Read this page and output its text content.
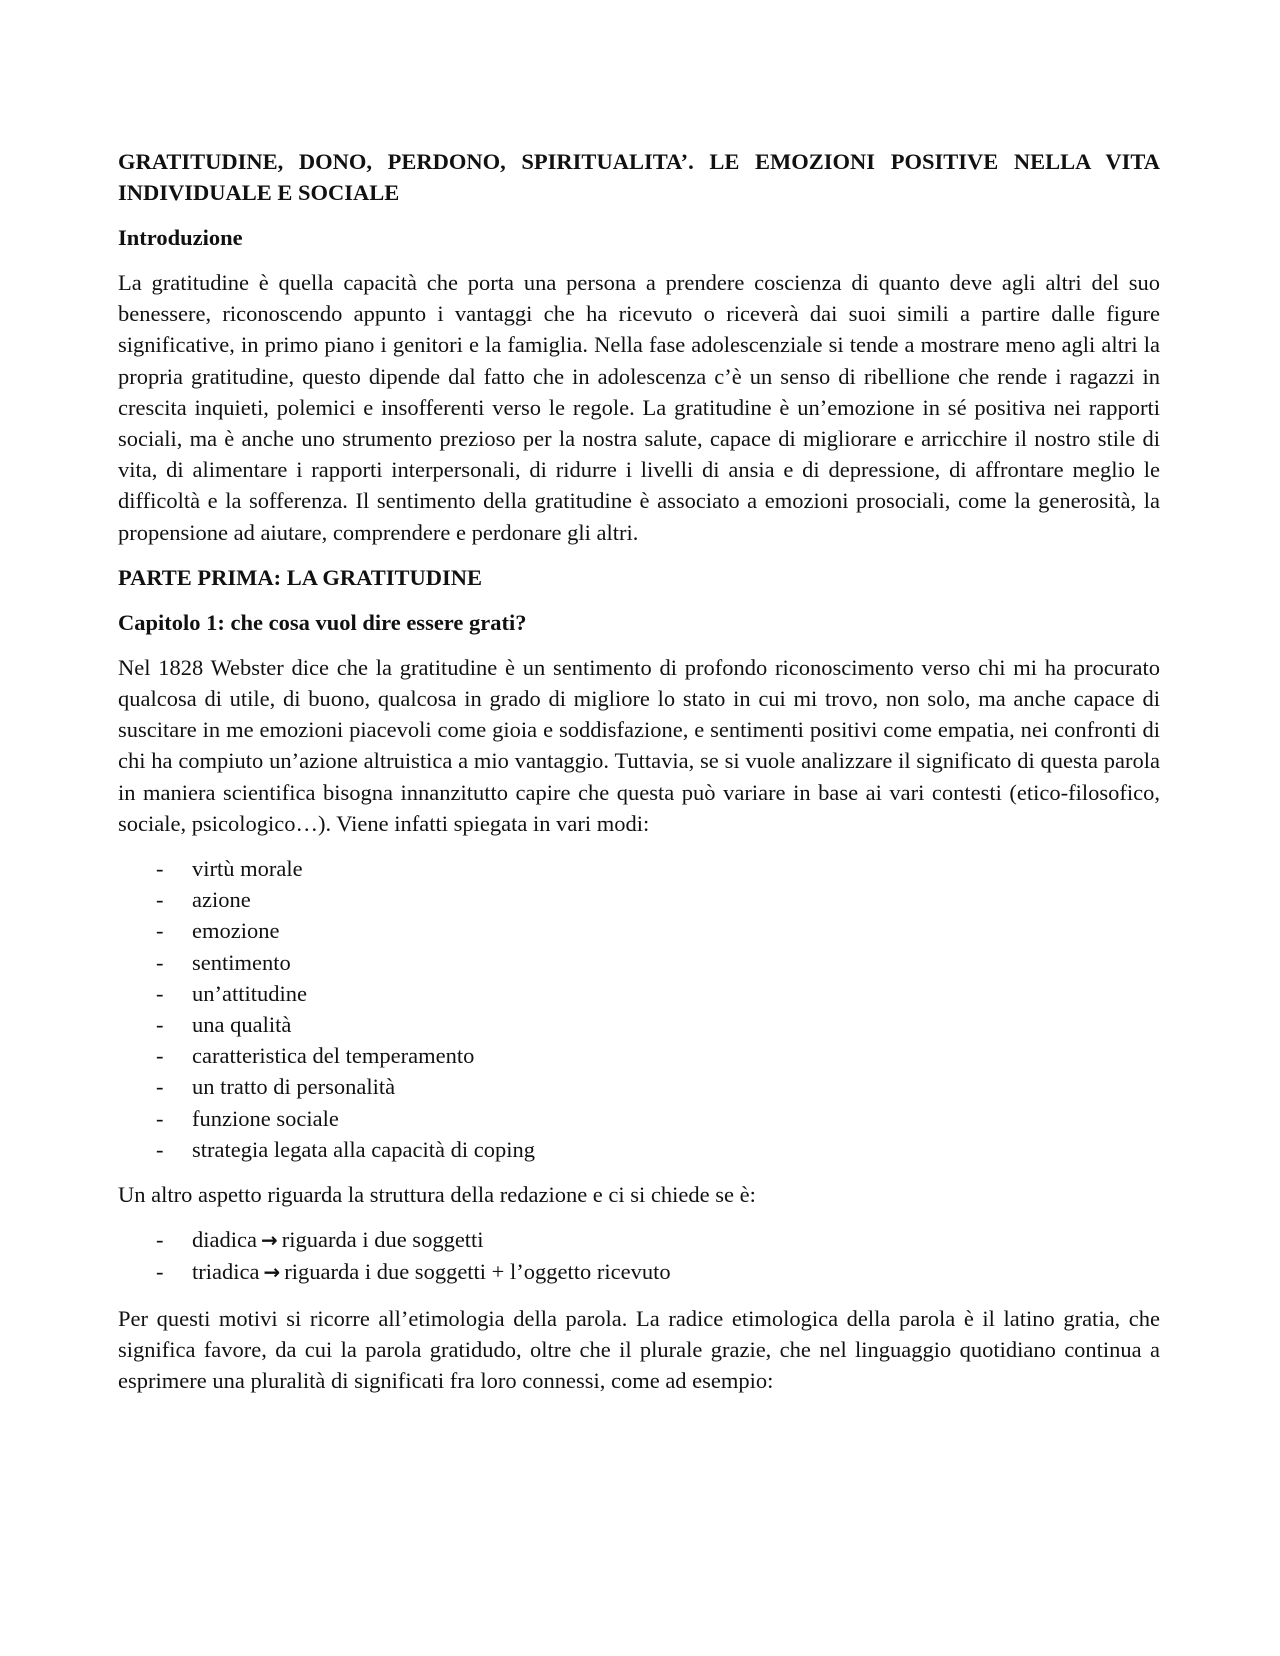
GRATITUDINE, DONO, PERDONO, SPIRITUALITA’. LE EMOZIONI POSITIVE NELLA VITA INDIVIDUALE E SOCIALE
Introduzione
La gratitudine è quella capacità che porta una persona a prendere coscienza di quanto deve agli altri del suo benessere, riconoscendo appunto i vantaggi che ha ricevuto o riceverà dai suoi simili a partire dalle figure significative, in primo piano i genitori e la famiglia. Nella fase adolescenziale si tende a mostrare meno agli altri la propria gratitudine, questo dipende dal fatto che in adolescenza c’è un senso di ribellione che rende i ragazzi in crescita inquieti, polemici e insofferenti verso le regole. La gratitudine è un’emozione in sé positiva nei rapporti sociali, ma è anche uno strumento prezioso per la nostra salute, capace di migliorare e arricchire il nostro stile di vita, di alimentare i rapporti interpersonali, di ridurre i livelli di ansia e di depressione, di affrontare meglio le difficoltà e la sofferenza. Il sentimento della gratitudine è associato a emozioni prosociali, come la generosità, la propensione ad aiutare, comprendere e perdonare gli altri.
PARTE PRIMA: LA GRATITUDINE
Capitolo 1: che cosa vuol dire essere grati?
Nel 1828 Webster dice che la gratitudine è un sentimento di profondo riconoscimento verso chi mi ha procurato qualcosa di utile, di buono, qualcosa in grado di migliore lo stato in cui mi trovo, non solo, ma anche capace di suscitare in me emozioni piacevoli come gioia e soddisfazione, e sentimenti positivi come empatia, nei confronti di chi ha compiuto un’azione altruistica a mio vantaggio. Tuttavia, se si vuole analizzare il significato di questa parola in maniera scientifica bisogna innanzitutto capire che questa può variare in base ai vari contesti (etico-filosofico, sociale, psicologico…). Viene infatti spiegata in vari modi:
- virtù morale
- azione
- emozione
- sentimento
- un’attitudine
- una qualità
- caratteristica del temperamento
- un tratto di personalità
- funzione sociale
- strategia legata alla capacità di coping
Un altro aspetto riguarda la struttura della redazione e ci si chiede se è:
- diadica → riguarda i due soggetti
- triadica → riguarda i due soggetti + l’oggetto ricevuto
Per questi motivi si ricorre all’etimologia della parola. La radice etimologica della parola è il latino gratia, che significa favore, da cui la parola gratidudo, oltre che il plurale grazie, che nel linguaggio quotidiano continua a esprimere una pluralità di significati fra loro connessi, come ad esempio:
